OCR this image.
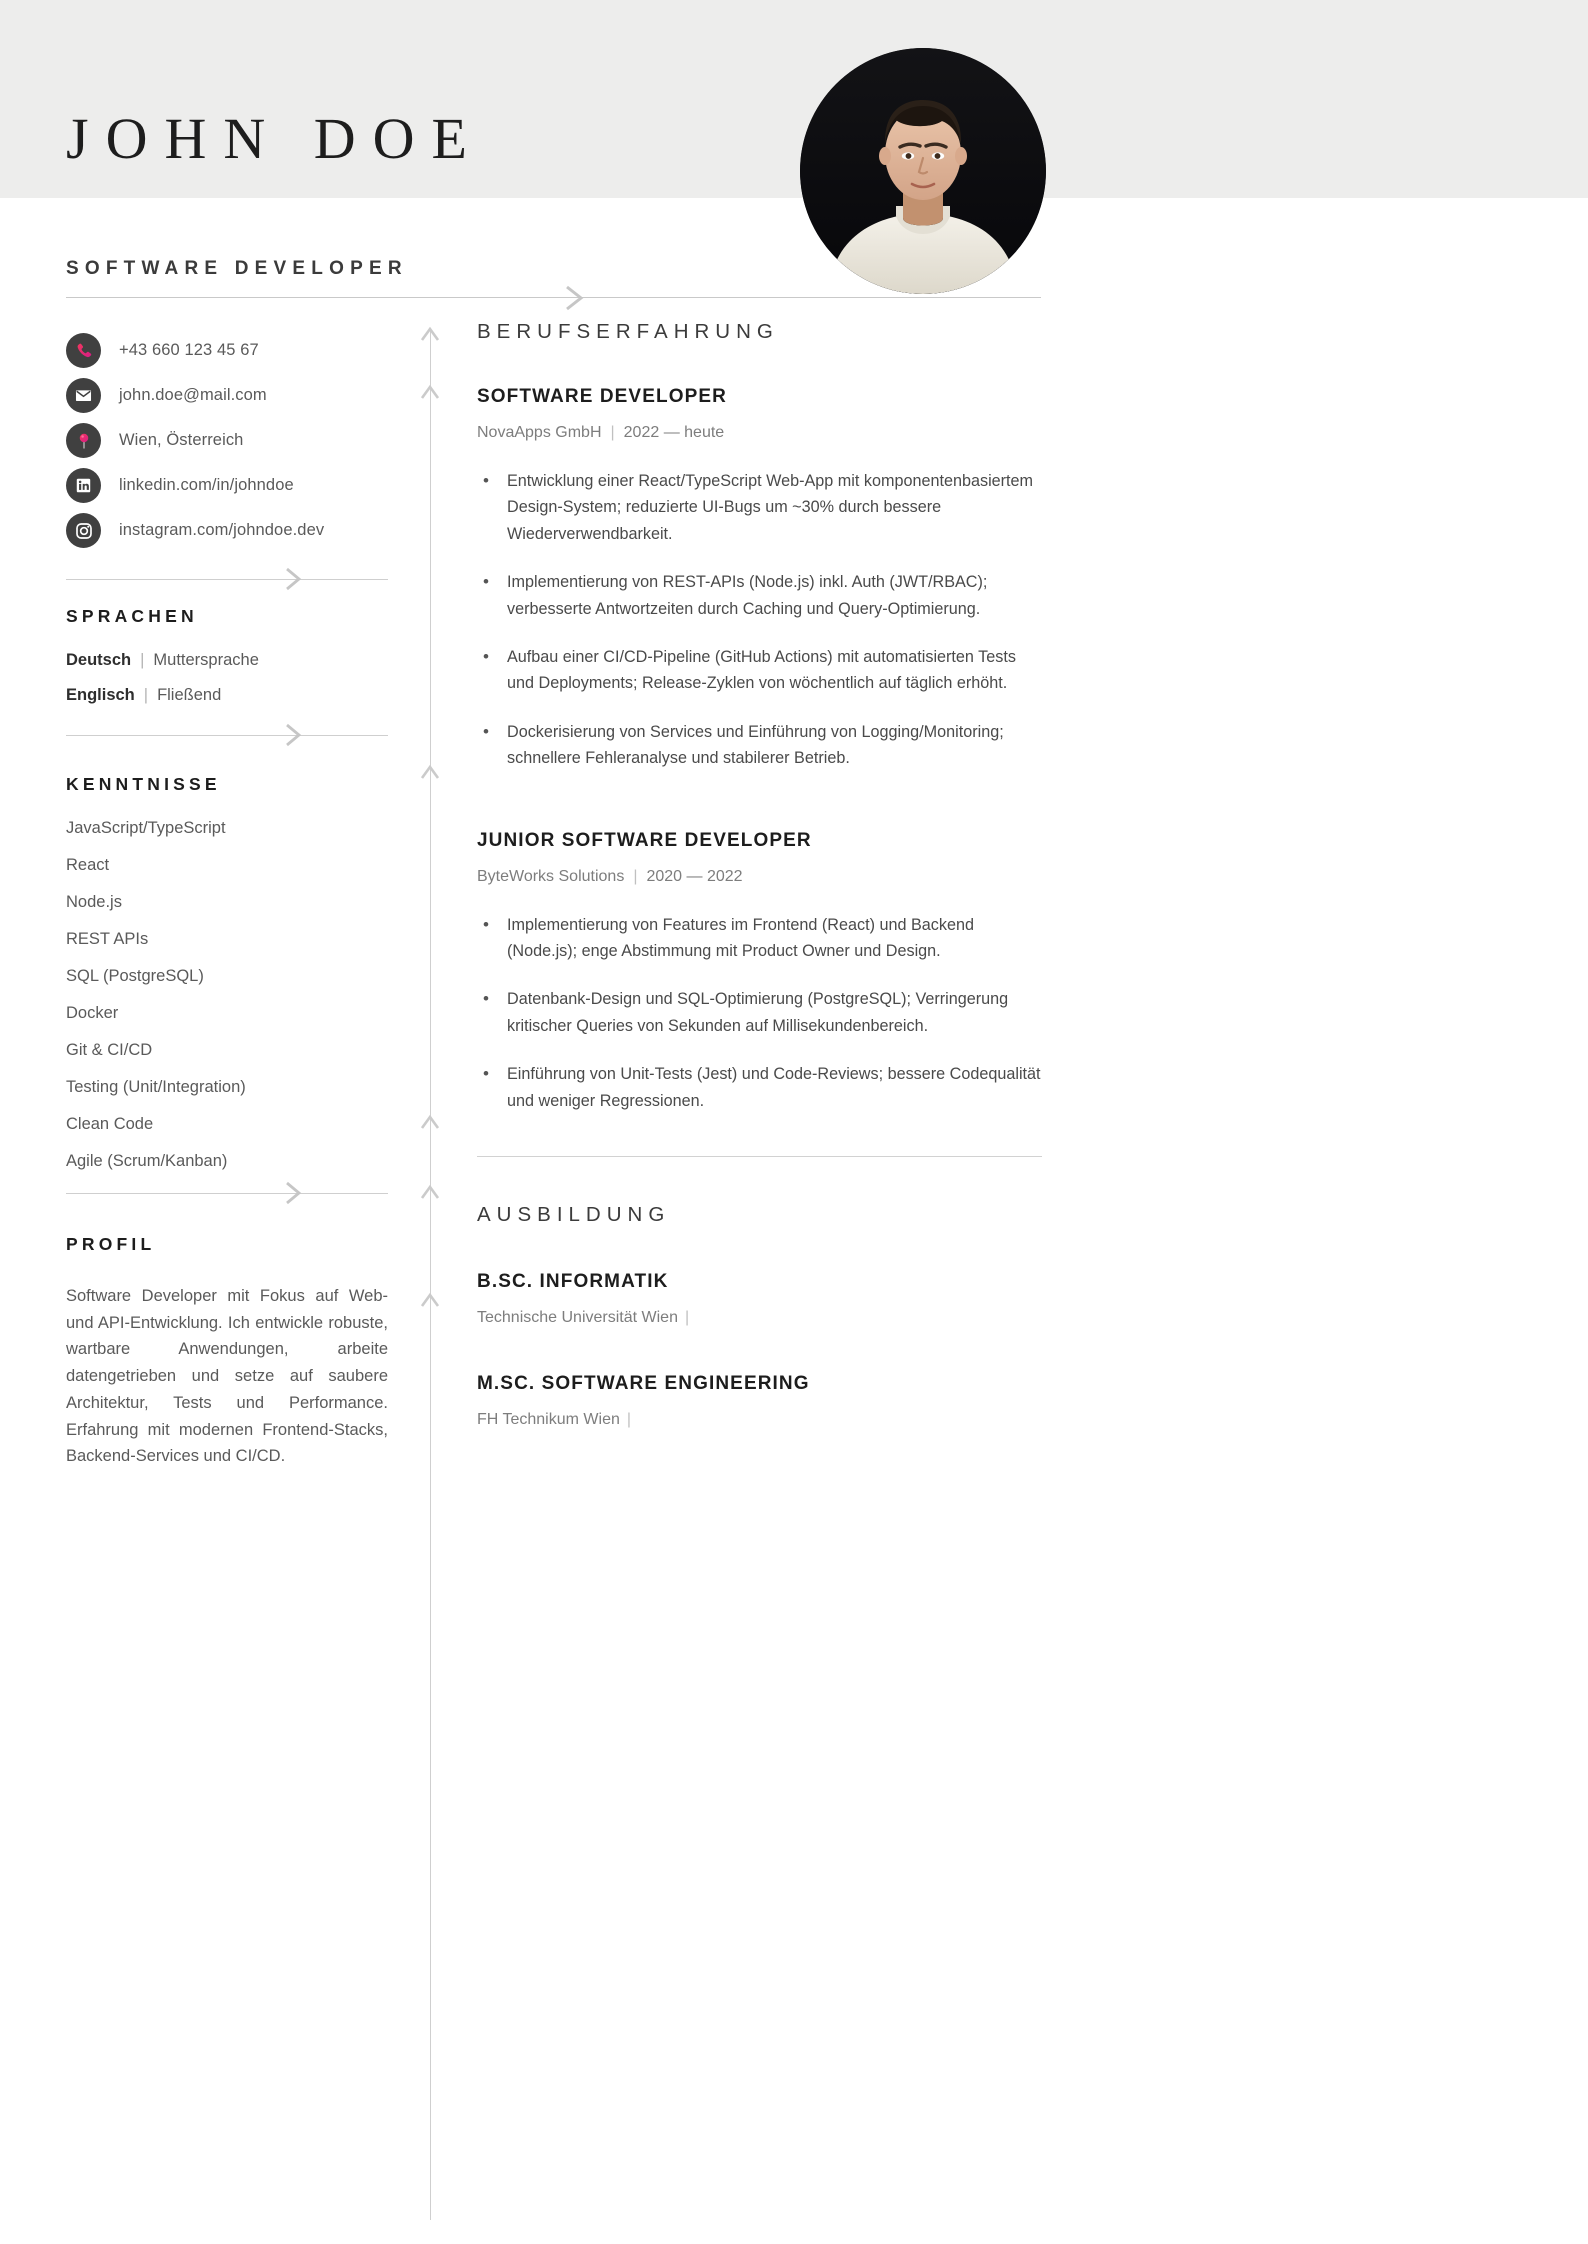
JOHN DOE
SOFTWARE DEVELOPER
+43 660 123 45 67
john.doe@mail.com
Wien, Österreich
linkedin.com/in/johndoe
instagram.com/johndoe.dev
SPRACHEN
Deutsch | Muttersprache
Englisch | Fließend
KENNTNISSE
JavaScript/TypeScript
React
Node.js
REST APIs
SQL (PostgreSQL)
Docker
Git & CI/CD
Testing (Unit/Integration)
Clean Code
Agile (Scrum/Kanban)
PROFIL
Software Developer mit Fokus auf Web- und API-Entwicklung. Ich entwickle robuste, wartbare Anwendungen, arbeite datengetrieben und setze auf saubere Architektur, Tests und Performance. Erfahrung mit modernen Frontend-Stacks, Backend-Services und CI/CD.
BERUFSERFAHRUNG
SOFTWARE DEVELOPER
NovaApps GmbH | 2022 — heute
• Entwicklung einer React/TypeScript Web-App mit komponentenbasiertem Design-System; reduzierte UI-Bugs um ~30% durch bessere Wiederverwendbarkeit.
• Implementierung von REST-APIs (Node.js) inkl. Auth (JWT/RBAC); verbesserte Antwortzeiten durch Caching und Query-Optimierung.
• Aufbau einer CI/CD-Pipeline (GitHub Actions) mit automatisierten Tests und Deployments; Release-Zyklen von wöchentlich auf täglich erhöht.
• Dockerisierung von Services und Einführung von Logging/Monitoring; schnellere Fehleranalyse und stabilerer Betrieb.
JUNIOR SOFTWARE DEVELOPER
ByteWorks Solutions | 2020 — 2022
• Implementierung von Features im Frontend (React) und Backend (Node.js); enge Abstimmung mit Product Owner und Design.
• Datenbank-Design und SQL-Optimierung (PostgreSQL); Verringerung kritischer Queries von Sekunden auf Millisekundenbereich.
• Einführung von Unit-Tests (Jest) und Code-Reviews; bessere Codequalität und weniger Regressionen.
AUSBILDUNG
B.SC. INFORMATIK
Technische Universität Wien |
M.SC. SOFTWARE ENGINEERING
FH Technikum Wien |
